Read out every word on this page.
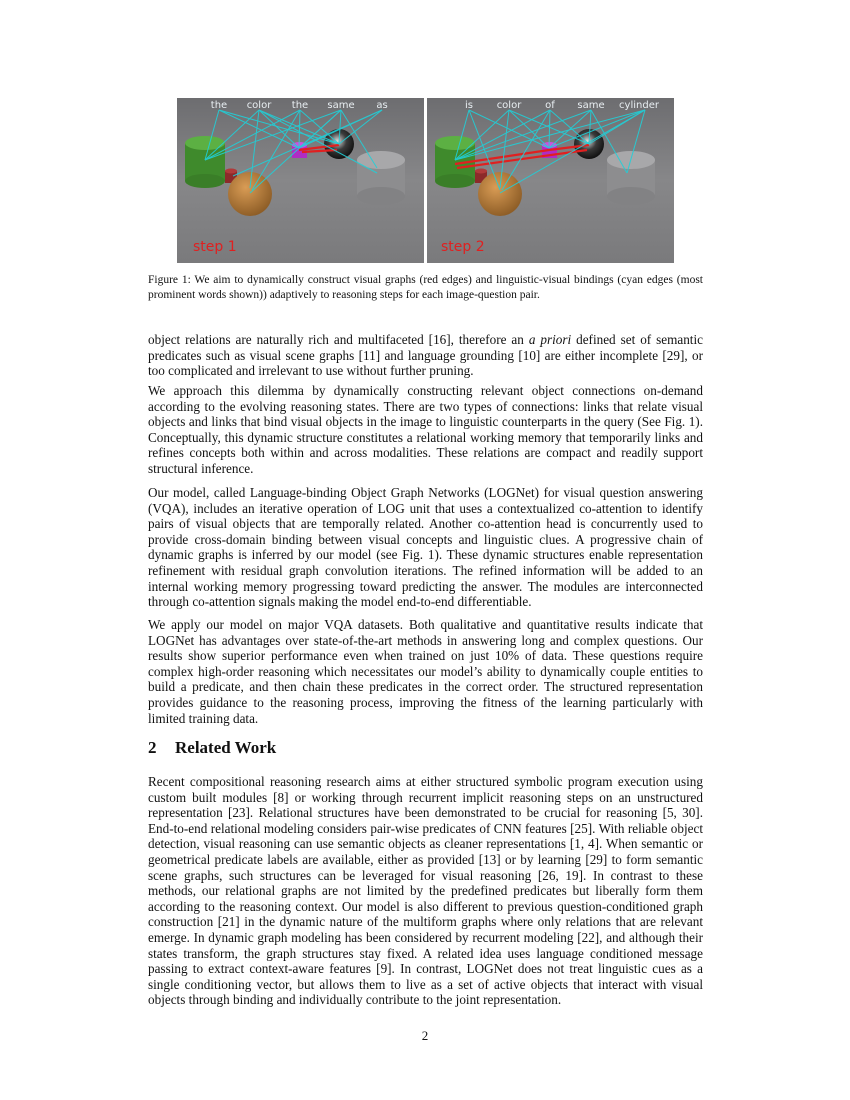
the color the same as
step 1
is color of same cylinder
step 2
Figure 1: We aim to dynamically construct visual graphs (red edges) and linguistic-visual bindings (cyan edges (most prominent words shown)) adaptively to reasoning steps for each image-question pair.

object relations are naturally rich and multifaceted [16], therefore an a priori defined set of semantic predicates such as visual scene graphs [11] and language grounding [10] are either incomplete [29], or too complicated and irrelevant to use without further pruning.

We approach this dilemma by dynamically constructing relevant object connections on-demand according to the evolving reasoning states. There are two types of connections: links that relate visual objects and links that bind visual objects in the image to linguistic counterparts in the query (See Fig. 1). Conceptually, this dynamic structure constitutes a relational working memory that temporarily links and refines concepts both within and across modalities. These relations are compact and readily support structural inference.

Our model, called Language-binding Object Graph Networks (LOGNet) for visual question answering (VQA), includes an iterative operation of LOG unit that uses a contextualized co-attention to identify pairs of visual objects that are temporally related. Another co-attention head is concurrently used to provide cross-domain binding between visual concepts and linguistic clues. A progressive chain of dynamic graphs is inferred by our model (see Fig. 1). These dynamic structures enable representation refinement with residual graph convolution iterations. The refined information will be added to an internal working memory progressing toward predicting the answer. The modules are interconnected through co-attention signals making the model end-to-end differentiable.

We apply our model on major VQA datasets. Both qualitative and quantitative results indicate that LOGNet has advantages over state-of-the-art methods in answering long and complex questions. Our results show superior performance even when trained on just 10% of data. These questions require complex high-order reasoning which necessitates our model’s ability to dynamically couple entities to build a predicate, and then chain these predicates in the correct order. The structured representation provides guidance to the reasoning process, improving the fitness of the learning particularly with limited training data.

2 Related Work

Recent compositional reasoning research aims at either structured symbolic program execution using custom built modules [8] or working through recurrent implicit reasoning steps on an unstructured representation [23]. Relational structures have been demonstrated to be crucial for reasoning [5, 30]. End-to-end relational modeling considers pair-wise predicates of CNN features [25]. With reliable object detection, visual reasoning can use semantic objects as cleaner representations [1, 4]. When semantic or geometrical predicate labels are available, either as provided [13] or by learning [29] to form semantic scene graphs, such structures can be leveraged for visual reasoning [26, 19]. In contrast to these methods, our relational graphs are not limited by the predefined predicates but liberally form them according to the reasoning context. Our model is also different to previous question-conditioned graph construction [21] in the dynamic nature of the multiform graphs where only relations that are relevant emerge. In dynamic graph modeling has been considered by recurrent modeling [22], and although their states transform, the graph structures stay fixed. A related idea uses language conditioned message passing to extract context-aware features [9]. In contrast, LOGNet does not treat linguistic cues as a single conditioning vector, but allows them to live as a set of active objects that interact with visual objects through binding and individually contribute to the joint representation.

2
